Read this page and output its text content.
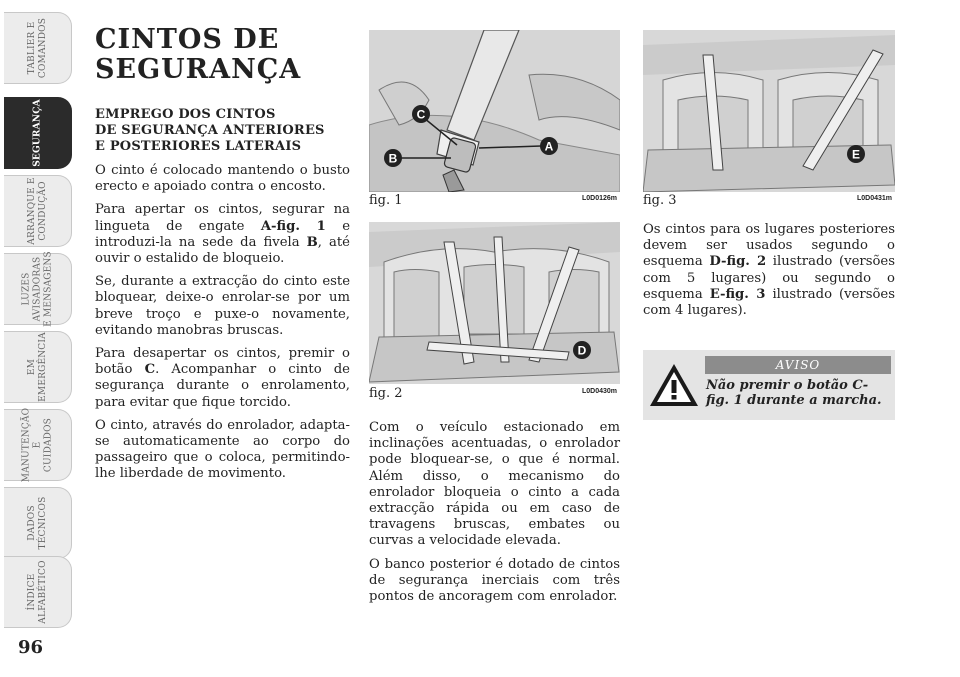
TABLIER E
COMANDOS
SEGURANÇA
ARRANQUE E
CONDUÇÃO
LUZES
AVISADORAS
E MENSAGENS
EM
EMERGÊNCIA
MANUTENÇÃO E
CUIDADOS
DADOS
TÉCNICOS
ÍNDICE
ALFABÉTICO
96
CINTOS DE
SEGURANÇA
EMPREGO DOS CINTOS
DE SEGURANÇA ANTERIORES
E POSTERIORES LATERAIS

O cinto é colocado mantendo o busto erecto e apoiado contra o encosto.

Para apertar os cintos, segurar na lingueta de engate A-fig. 1 e introduzi-la na sede da fivela B, até ouvir o estalido de bloqueio.

Se, durante a extracção do cinto este bloquear, deixe-o enrolar-se por um breve troço e puxe-o novamente, evitando manobras bruscas.

Para desapertar os cintos, premir o botão C. Acompanhar o cinto de segurança durante o enrolamento, para evitar que fique torcido.

O cinto, através do enrolador, adapta-se automaticamente ao corpo do passageiro que o coloca, permitindo-lhe liberdade de movimento.

A
B
C
fig. 1	L0D0126m
D
fig. 2	L0D0430m

Com o veículo estacionado em inclinações acentuadas, o enrolador pode bloquear-se, o que é normal. Além disso, o mecanismo do enrolador bloqueia o cinto a cada extracção rápida ou em caso de travagens bruscas, embates ou curvas a velocidade elevada.

O banco posterior é dotado de cintos de segurança inerciais com três pontos de ancoragem com enrolador.

E
fig. 3	L0D0431m

Os cintos para os lugares posteriores devem ser usados segundo o esquema D-fig. 2 ilustrado (versões com 5 lugares) ou segundo o esquema E-fig. 3 ilustrado (versões com 4 lugares).

AVISO
Não premir o botão C-fig. 1 durante a marcha.
